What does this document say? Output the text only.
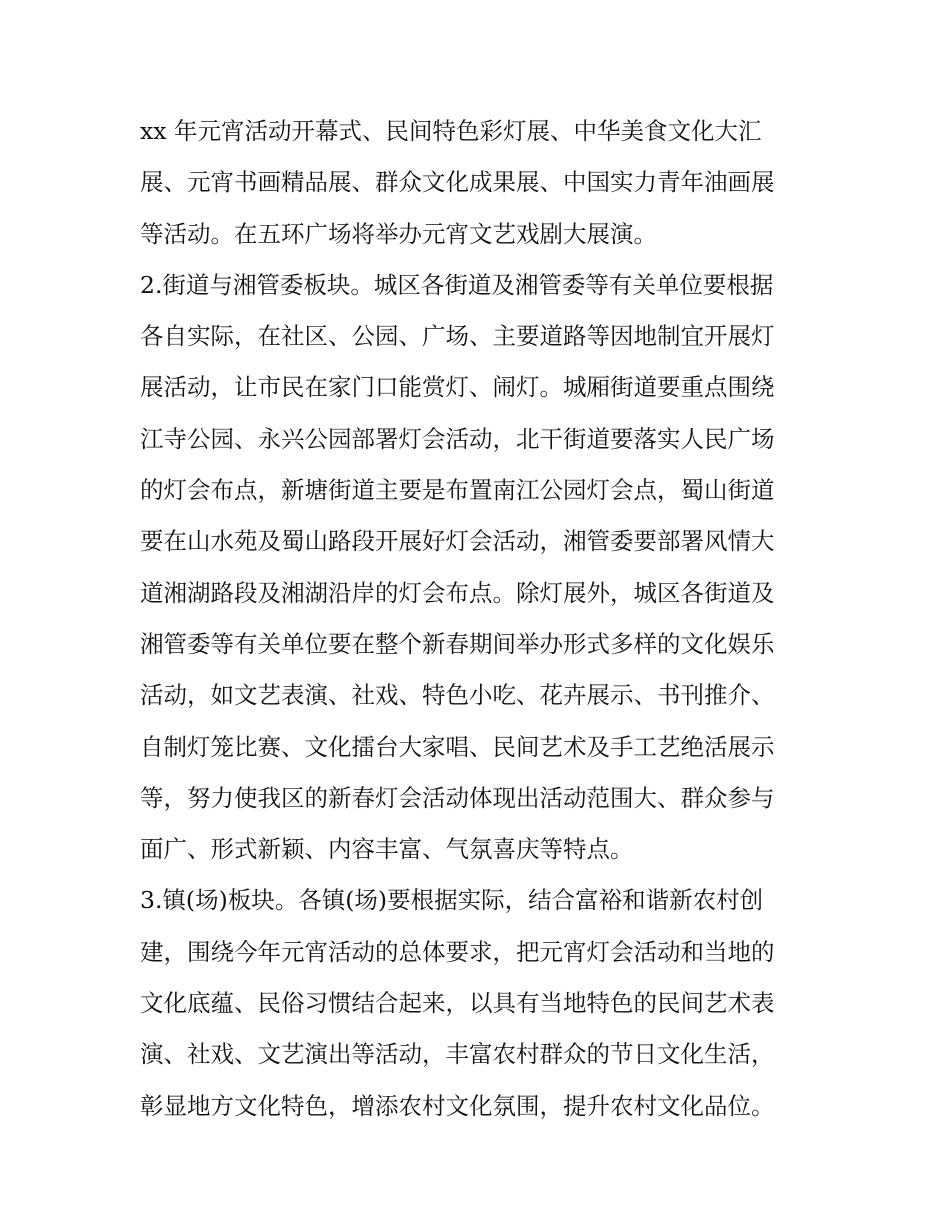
xx 年元宵活动开幕式、民间特色彩灯展、中华美食文化大汇
展、元宵书画精品展、群众文化成果展、中国实力青年油画展
等活动。在五环广场将举办元宵文艺戏剧大展演。
2.街道与湘管委板块。城区各街道及湘管委等有关单位要根据
各自实际，在社区、公园、广场、主要道路等因地制宜开展灯
展活动，让市民在家门口能赏灯、闹灯。城厢街道要重点围绕
江寺公园、永兴公园部署灯会活动，北干街道要落实人民广场
的灯会布点，新塘街道主要是布置南江公园灯会点，蜀山街道
要在山水苑及蜀山路段开展好灯会活动，湘管委要部署风情大
道湘湖路段及湘湖沿岸的灯会布点。除灯展外，城区各街道及
湘管委等有关单位要在整个新春期间举办形式多样的文化娱乐
活动，如文艺表演、社戏、特色小吃、花卉展示、书刊推介、
自制灯笼比赛、文化擂台大家唱、民间艺术及手工艺绝活展示
等，努力使我区的新春灯会活动体现出活动范围大、群众参与
面广、形式新颖、内容丰富、气氛喜庆等特点。
3.镇(场)板块。各镇(场)要根据实际，结合富裕和谐新农村创
建，围绕今年元宵活动的总体要求，把元宵灯会活动和当地的
文化底蕴、民俗习惯结合起来，以具有当地特色的民间艺术表
演、社戏、文艺演出等活动，丰富农村群众的节日文化生活，
彰显地方文化特色，增添农村文化氛围，提升农村文化品位。
